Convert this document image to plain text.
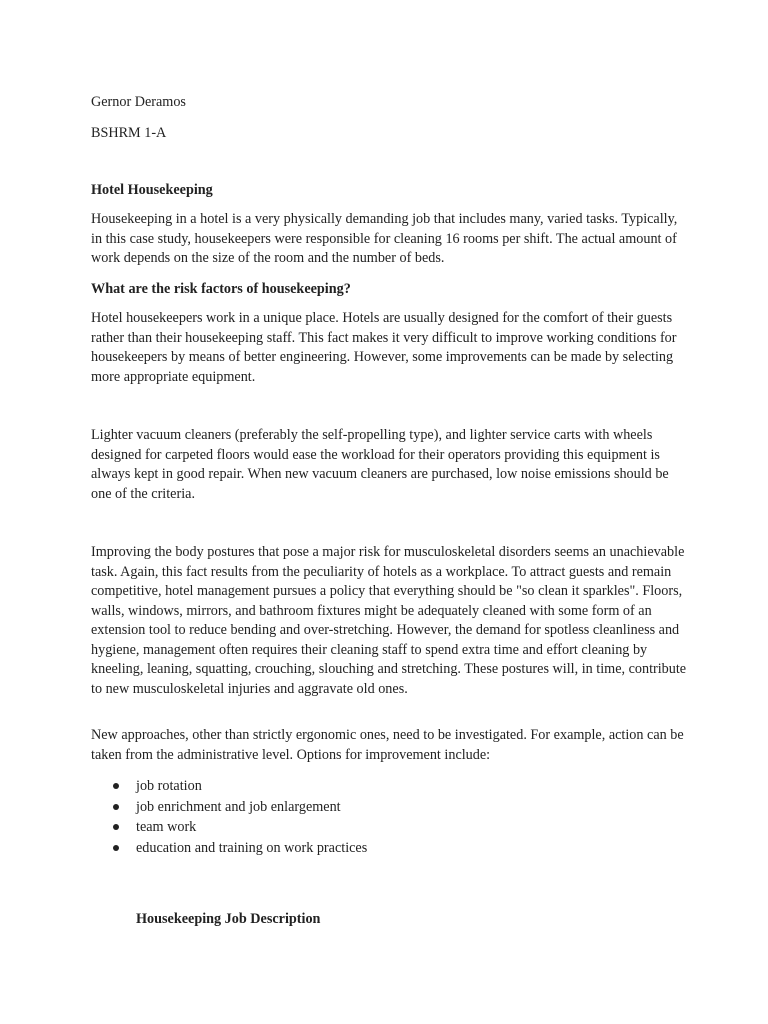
Gernor Deramos

BSHRM 1-A

Hotel Housekeeping

Housekeeping in a hotel is a very physically demanding job that includes many, varied tasks. Typically, in this case study, housekeepers were responsible for cleaning 16 rooms per shift. The actual amount of work depends on the size of the room and the number of beds.

What are the risk factors of housekeeping?

Hotel housekeepers work in a unique place. Hotels are usually designed for the comfort of their guests rather than their housekeeping staff. This fact makes it very difficult to improve working conditions for housekeepers by means of better engineering. However, some improvements can be made by selecting more appropriate equipment.

Lighter vacuum cleaners (preferably the self-propelling type), and lighter service carts with wheels designed for carpeted floors would ease the workload for their operators providing this equipment is always kept in good repair. When new vacuum cleaners are purchased, low noise emissions should be one of the criteria.

Improving the body postures that pose a major risk for musculoskeletal disorders seems an unachievable task. Again, this fact results from the peculiarity of hotels as a workplace. To attract guests and remain competitive, hotel management pursues a policy that everything should be "so clean it sparkles". Floors, walls, windows, mirrors, and bathroom fixtures might be adequately cleaned with some form of an extension tool to reduce bending and over-stretching. However, the demand for spotless cleanliness and hygiene, management often requires their cleaning staff to spend extra time and effort cleaning by kneeling, leaning, squatting, crouching, slouching and stretching. These postures will, in time, contribute to new musculoskeletal injuries and aggravate old ones.

New approaches, other than strictly ergonomic ones, need to be investigated. For example, action can be taken from the administrative level. Options for improvement include:

job rotation
job enrichment and job enlargement
team work
education and training on work practices

Housekeeping Job Description
